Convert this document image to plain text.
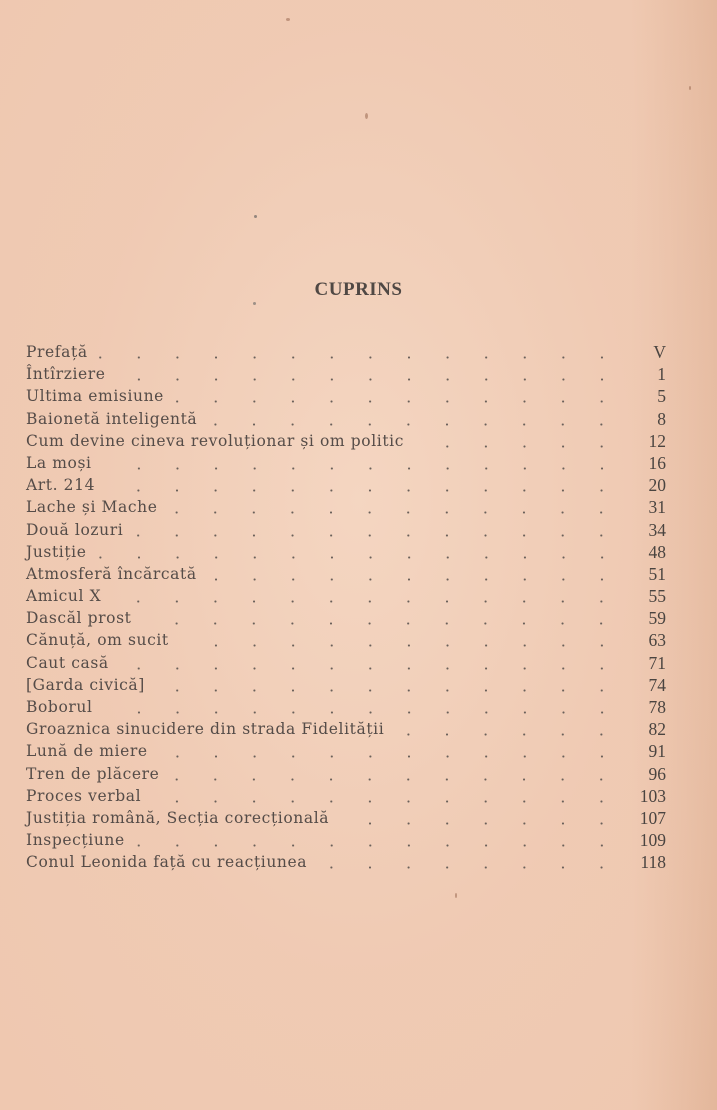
CUPRINS
Prefață	V
Întîrziere	1
Ultima emisiune	5
Baionetă inteligentă	8
Cum devine cineva revoluționar și om politic	12
La moși	16
Art. 214	20
Lache și Mache	31
Două lozuri	34
Justiție	48
Atmosferă încărcată	51
Amicul X	55
Dascăl prost	59
Cănuță, om sucit	63
Caut casă	71
[Garda civică]	74
Boborul	78
Groaznica sinucidere din strada Fidelității	82
Lună de miere	91
Tren de plăcere	96
Proces verbal	103
Justiția română, Secția corecțională	107
Inspecțiune	109
Conul Leonida față cu reacțiunea	118
